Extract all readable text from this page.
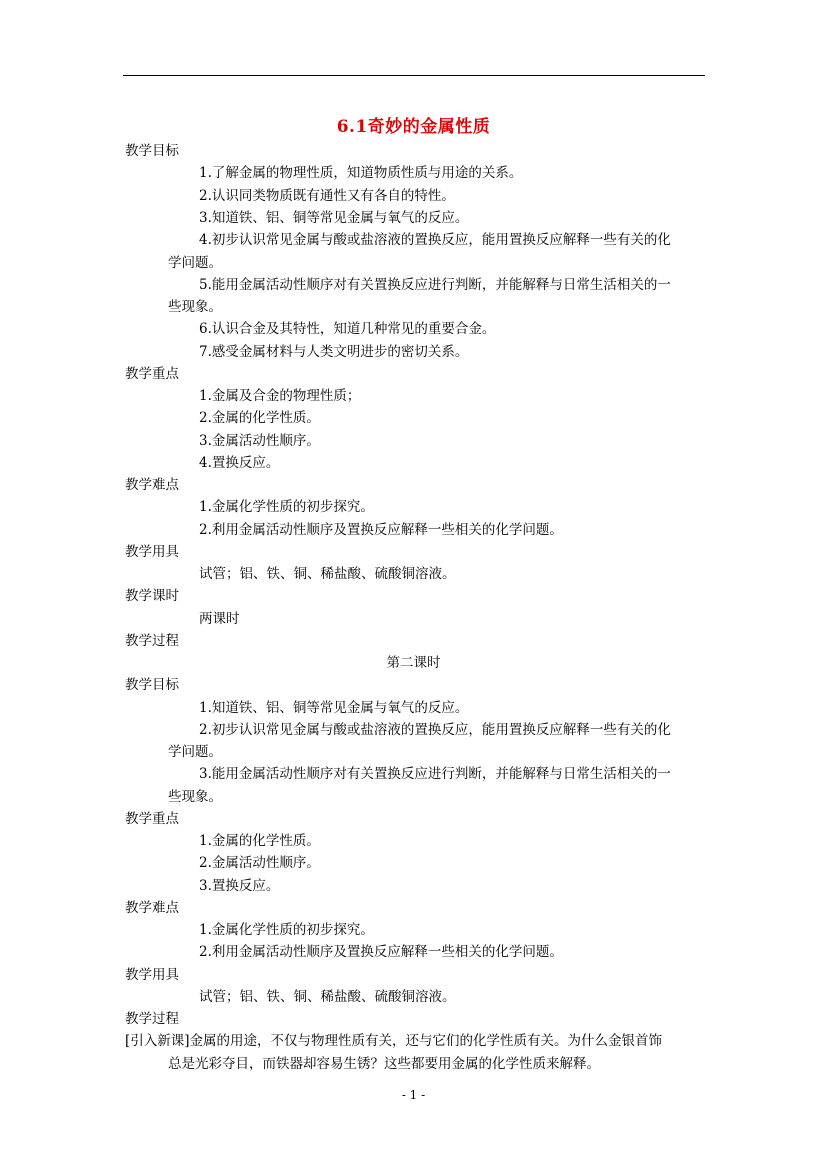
6.1奇妙的金属性质
教学目标
1.了解金属的物理性质，知道物质性质与用途的关系。
2.认识同类物质既有通性又有各自的特性。
3.知道铁、铝、铜等常见金属与氧气的反应。
4.初步认识常见金属与酸或盐溶液的置换反应，能用置换反应解释一些有关的化
学问题。
5.能用金属活动性顺序对有关置换反应进行判断，并能解释与日常生活相关的一
些现象。
6.认识合金及其特性，知道几种常见的重要合金。
7.感受金属材料与人类文明进步的密切关系。
教学重点
1.金属及合金的物理性质；
2.金属的化学性质。
3.金属活动性顺序。
4.置换反应。
教学难点
1.金属化学性质的初步探究。
2.利用金属活动性顺序及置换反应解释一些相关的化学问题。
教学用具
试管；铝、铁、铜、稀盐酸、硫酸铜溶液。
教学课时
两课时
教学过程
第二课时
教学目标
1.知道铁、铝、铜等常见金属与氧气的反应。
2.初步认识常见金属与酸或盐溶液的置换反应，能用置换反应解释一些有关的化
学问题。
3.能用金属活动性顺序对有关置换反应进行判断，并能解释与日常生活相关的一
些现象。
教学重点
1.金属的化学性质。
2.金属活动性顺序。
3.置换反应。
教学难点
1.金属化学性质的初步探究。
2.利用金属活动性顺序及置换反应解释一些相关的化学问题。
教学用具
试管；铝、铁、铜、稀盐酸、硫酸铜溶液。
教学过程
[引入新课]金属的用途，不仅与物理性质有关，还与它们的化学性质有关。为什么金银首饰
总是光彩夺目，而铁器却容易生锈？这些都要用金属的化学性质来解释。
- 1 -
